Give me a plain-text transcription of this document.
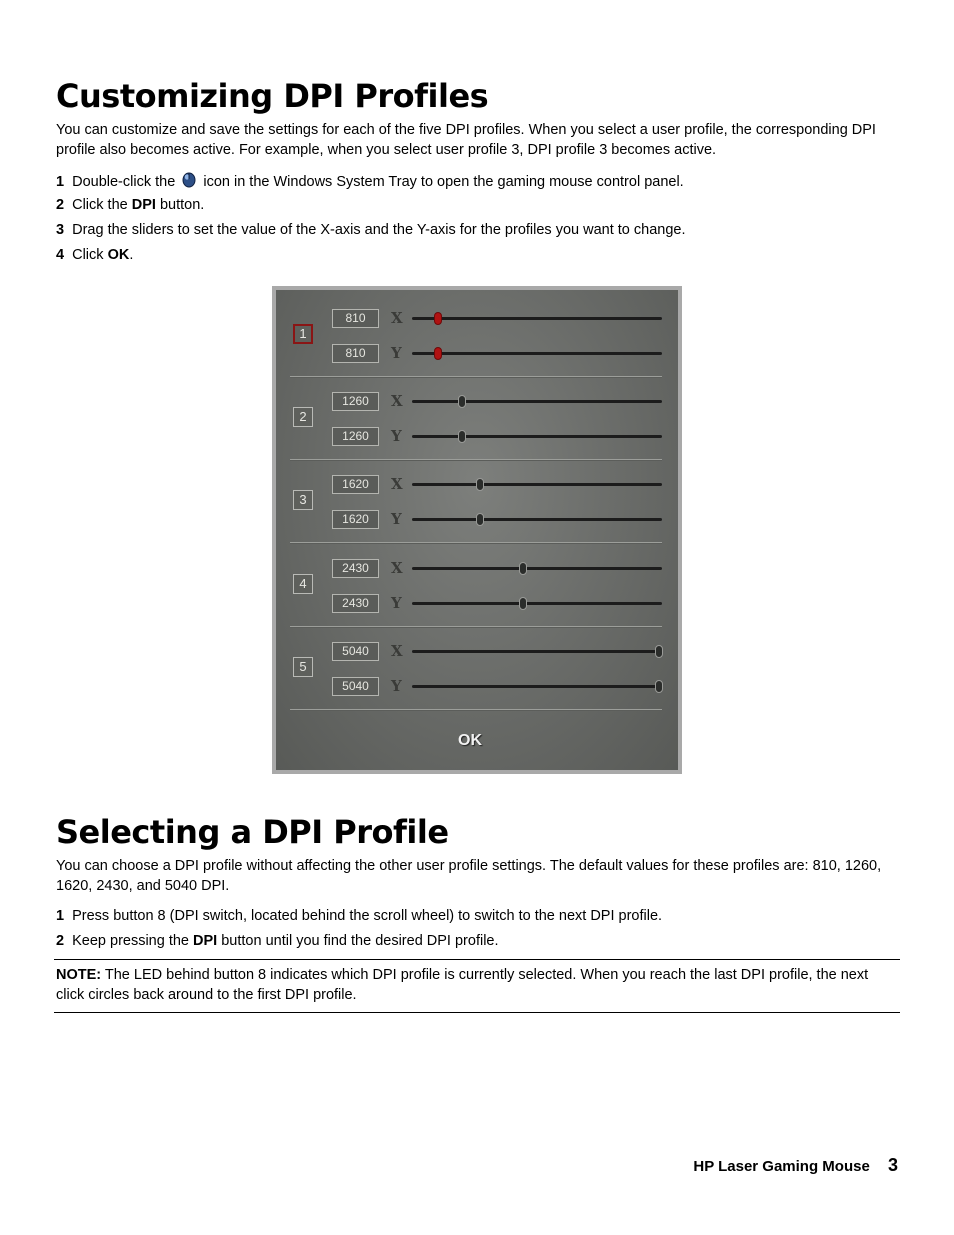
Customizing DPI Profiles

You can customize and save the settings for each of the five DPI profiles. When you select a user profile, the corresponding DPI profile also becomes active. For example, when you select user profile 3, DPI profile 3 becomes active.

1 Double-click the icon in the Windows System Tray to open the gaming mouse control panel.
2 Click the DPI button.
3 Drag the sliders to set the value of the X-axis and the Y-axis for the profiles you want to change.
4 Click OK.
OK
1
810	X
810	Y
2
1260	X
1260	Y
3
1620	X
1620	Y
4
2430	X
2430	Y
5
5040	X
5040	Y
Selecting a DPI Profile

You can choose a DPI profile without affecting the other user profile settings. The default values for these profiles are: 810, 1260, 1620, 2430, and 5040 DPI.

1 Press button 8 (DPI switch, located behind the scroll wheel) to switch to the next DPI profile.
2 Keep pressing the DPI button until you find the desired DPI profile.

NOTE: The LED behind button 8 indicates which DPI profile is currently selected. When you reach the last DPI profile, the next click circles back around to the first DPI profile.

HP Laser Gaming Mouse 3
